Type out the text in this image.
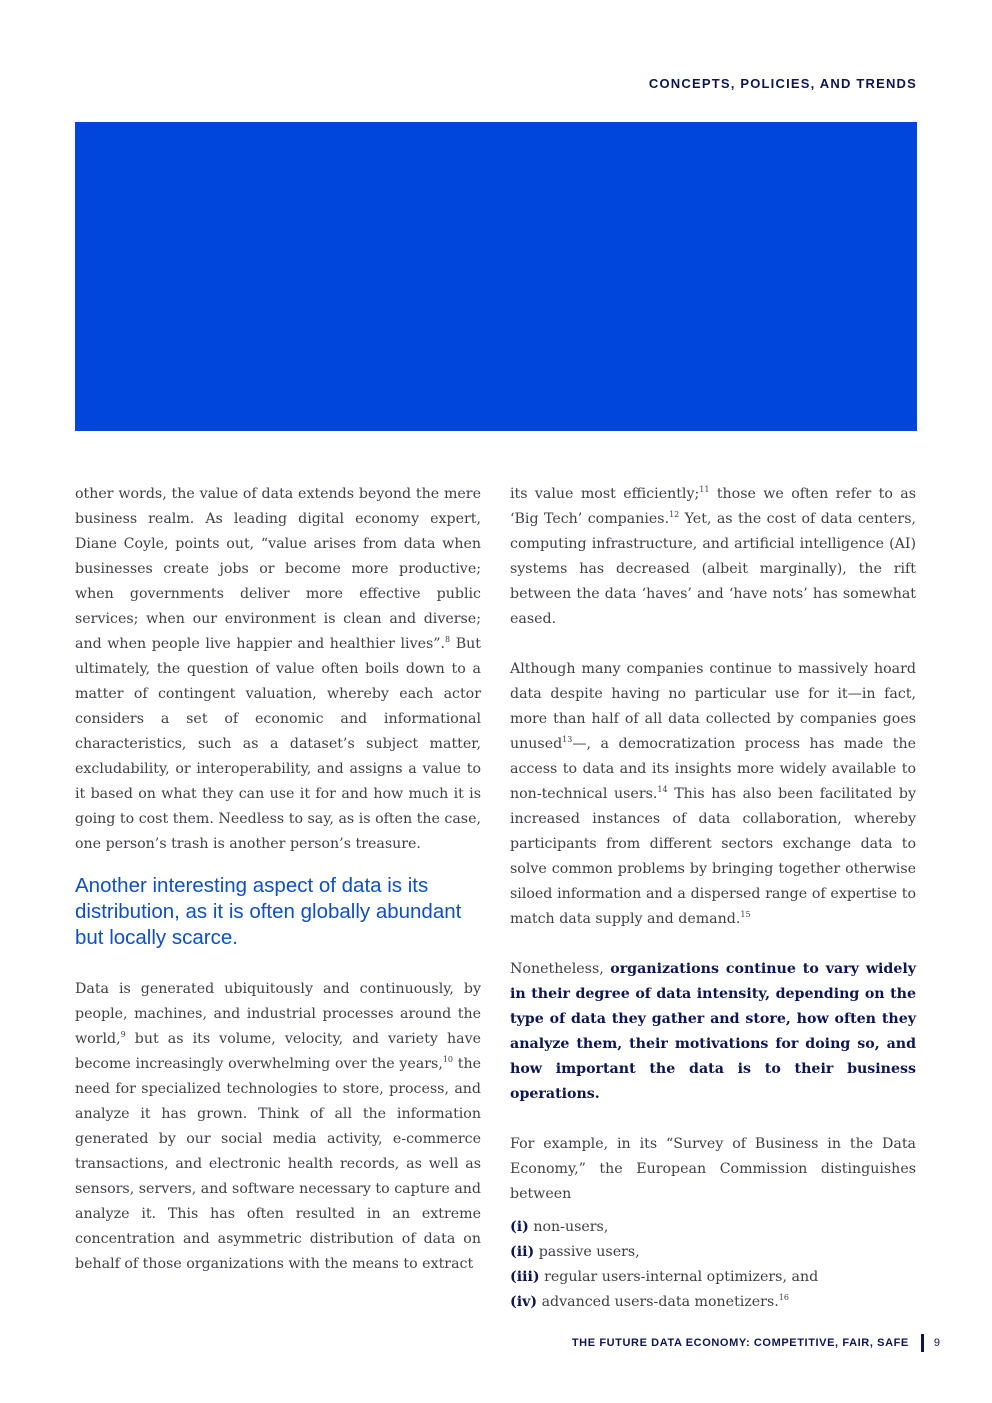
CONCEPTS, POLICIES, AND TRENDS

other words, the value of data extends beyond the mere business realm. As leading digital economy expert, Diane Coyle, points out, “value arises from data when businesses create jobs or become more productive; when governments deliver more effective public services; when our environment is clean and diverse; and when people live happier and healthier lives”.$^8$ But ultimately, the question of value often boils down to a matter of contingent valuation, whereby each actor considers a set of economic and informational characteristics, such as a dataset’s subject matter, excludability, or interoperability, and assigns a value to it based on what they can use it for and how much it is going to cost them. Needless to say, as is often the case, one person’s trash is another person’s treasure.

Another interesting aspect of data is its distribution, as it is often globally abundant but locally scarce.

Data is generated ubiquitously and continuously, by people, machines, and industrial processes around the world,$^9$ but as its volume, velocity, and variety have become increasingly overwhelming over the years,$^{10}$ the need for specialized technologies to store, process, and analyze it has grown. Think of all the information generated by our social media activity, e-commerce transactions, and electronic health records, as well as sensors, servers, and software necessary to capture and analyze it. This has often resulted in an extreme concentration and asymmetric distribution of data on behalf of those organizations with the means to extract

its value most efficiently;$^{11}$ those we often refer to as ‘Big Tech’ companies.$^{12}$ Yet, as the cost of data centers, computing infrastructure, and artificial intelligence (AI) systems has decreased (albeit marginally), the rift between the data ‘haves’ and ‘have nots’ has somewhat eased.

Although many companies continue to massively hoard data despite having no particular use for it—in fact, more than half of all data collected by companies goes unused$^{13}$—, a democratization process has made the access to data and its insights more widely available to non-technical users.$^{14}$ This has also been facilitated by increased instances of data collaboration, whereby participants from different sectors exchange data to solve common problems by bringing together otherwise siloed information and a dispersed range of expertise to match data supply and demand.$^{15}$

Nonetheless, organizations continue to vary widely in their degree of data intensity, depending on the type of data they gather and store, how often they analyze them, their motivations for doing so, and how important the data is to their business operations.

For example, in its “Survey of Business in the Data Economy,” the European Commission distinguishes between

(i) non-users,
(ii) passive users,
(iii) regular users-internal optimizers, and
(iv) advanced users-data monetizers.$^{16}$
THE FUTURE DATA ECONOMY: COMPETITIVE, FAIR, SAFE 9
